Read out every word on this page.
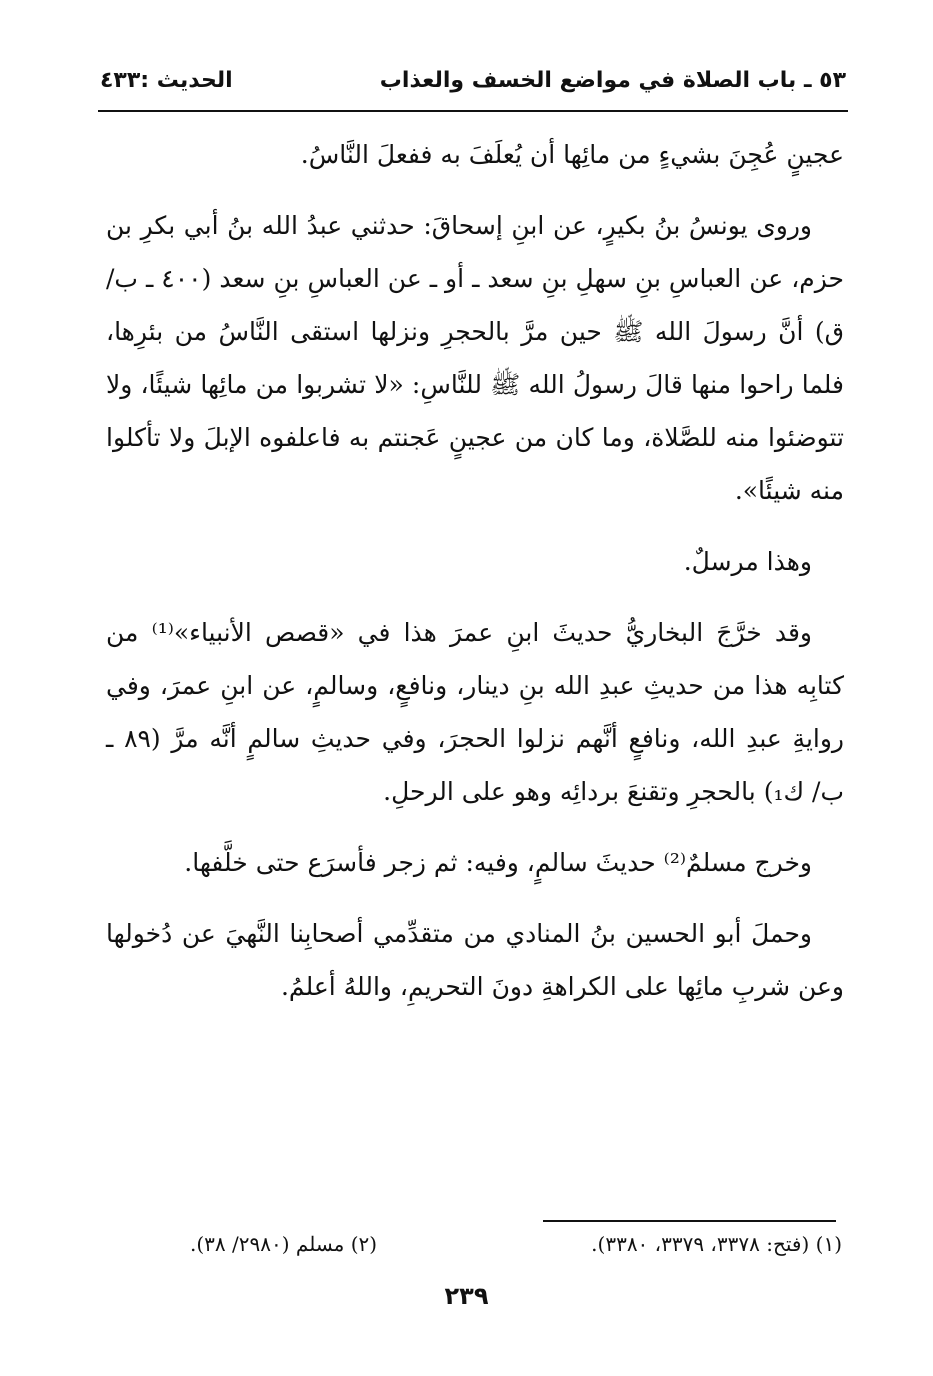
٥٣ ـ باب الصلاة في مواضع الخسف والعذاب
الحديث :٤٣٣

عجينٍ عُجِنَ بشيءٍ من مائِها أن يُعلَفَ به ففعلَ النَّاسُ.

وروى يونسُ بنُ بكيرٍ، عن ابنِ إسحاقَ: حدثني عبدُ الله بنُ أبي بكرِ بن حزم، عن العباسِ بنِ سهلِ بنِ سعد ـ أو ـ عن العباسِ بنِ سعد (٤٠٠ ـ ب/ ق) أنَّ رسولَ الله ﷺ حين مرَّ بالحجرِ ونزلها استقى النَّاسُ من بئرِها، فلما راحوا منها قالَ رسولُ الله ﷺ للنَّاسِ: «لا تشربوا من مائِها شيئًا، ولا تتوضئوا منه للصَّلاة، وما كان من عجينٍ عَجنتم به فاعلفوه الإبلَ ولا تأكلوا منه شيئًا».

وهذا مرسلٌ.

وقد خرَّجَ البخاريُّ حديثَ ابنِ عمرَ هذا في «قصص الأنبياء»⁽¹⁾ من كتابِه هذا من حديثِ عبدِ الله بنِ دينار، ونافعٍ، وسالمٍ، عن ابنِ عمرَ، وفي روايةِ عبدِ الله، ونافعٍ أنَّهم نزلوا الحجرَ، وفي حديثِ سالمٍ أنَّه مرَّ (٨٩ ـ ب/ ك₁) بالحجرِ وتقنعَ بردائِه وهو على الرحلِ.

وخرج مسلمٌ⁽²⁾ حديثَ سالمٍ، وفيه: ثم زجر فأسرَع حتى خلَّفها.

وحملَ أبو الحسين بنُ المنادي من متقدِّمي أصحابِنا النَّهيَ عن دُخولها وعن شربِ مائِها على الكراهةِ دونَ التحريمِ، واللهُ أعلمُ.

(١) (فتح: ٣٣٧٨، ٣٣٧٩، ٣٣٨٠).
(٢) مسلم (٢٩٨٠/ ٣٨).
٢٣٩
